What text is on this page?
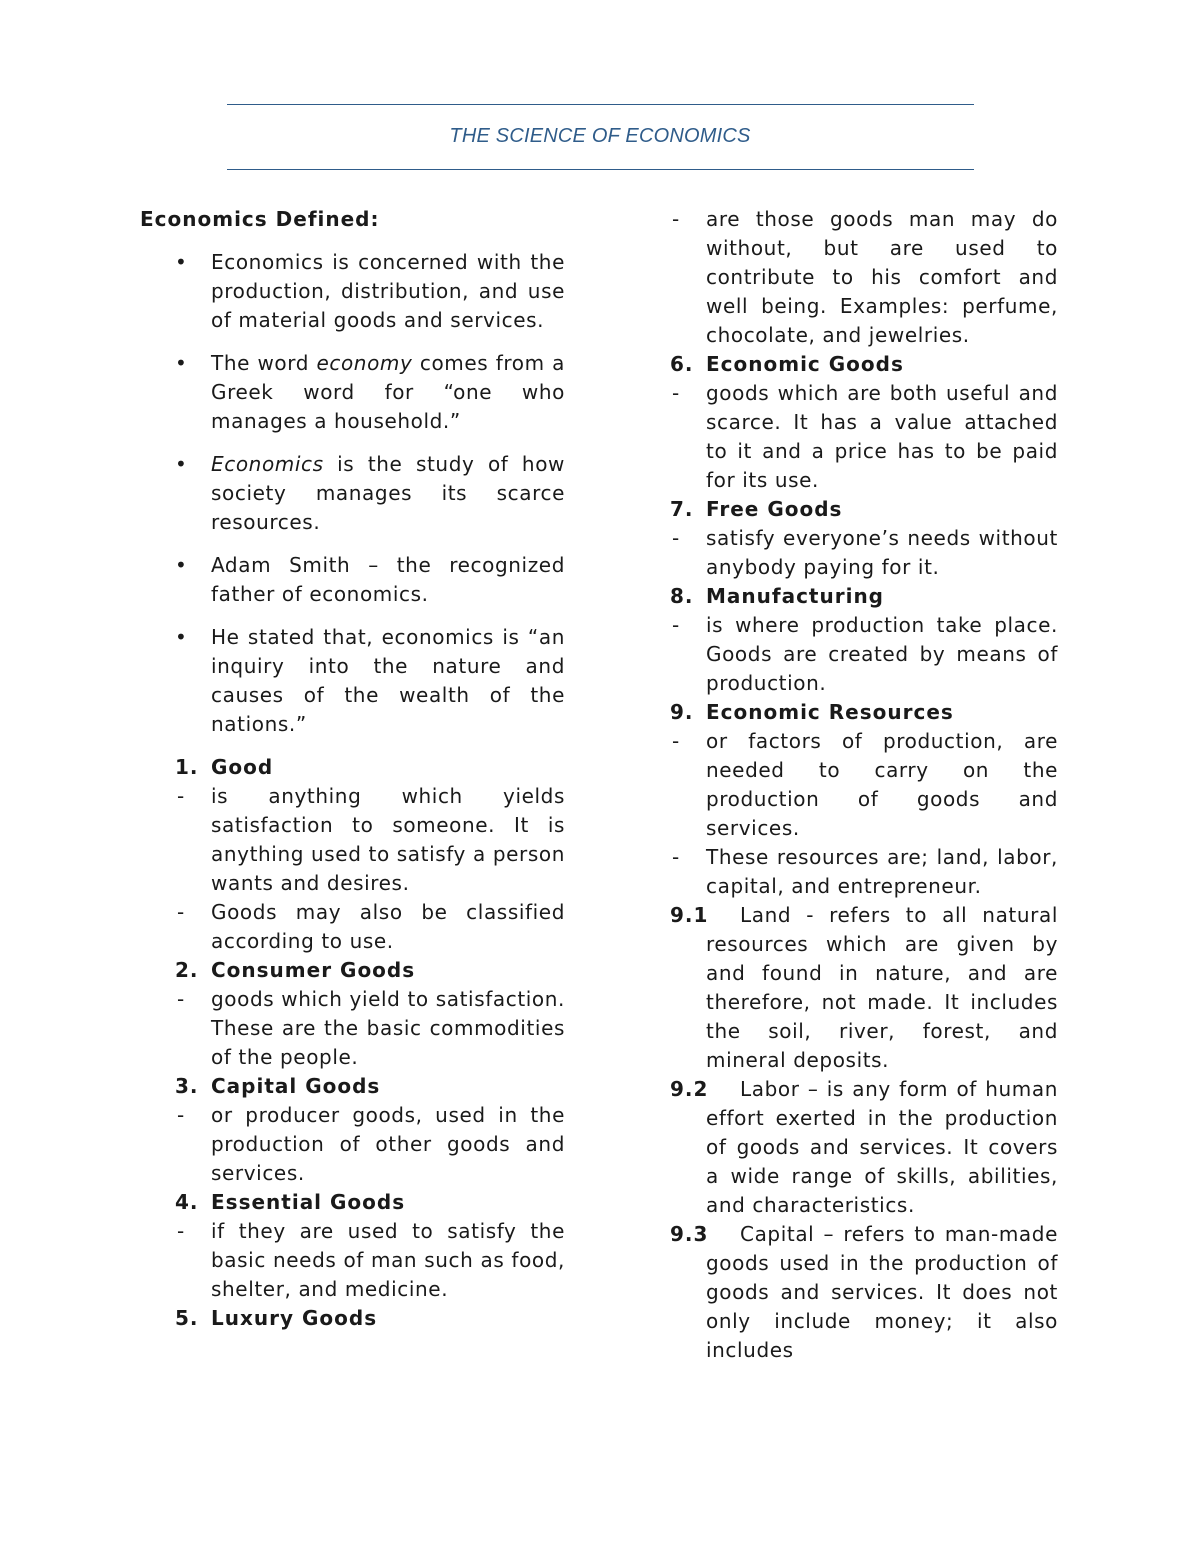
THE SCIENCE OF ECONOMICS
Economics Defined:
•	Economics is concerned with the production, distribution, and use of material goods and services.
•	The word economy comes from a Greek word for “one who manages a household.”
•	Economics is the study of how society manages its scarce resources.
•	Adam Smith – the recognized father of economics.
•	He stated that, economics is “an inquiry into the nature and causes of the wealth of the nations.”
1. Good
-	is anything which yields satisfaction to someone. It is anything used to satisfy a person wants and desires.
-	Goods may also be classified according to use.
2. Consumer Goods
-	goods which yield to satisfaction. These are the basic commodities of the people.
3. Capital Goods
-	or producer goods, used in the production of other goods and services.
4. Essential Goods
-	if they are used to satisfy the basic needs of man such as food, shelter, and medicine.
5. Luxury Goods
-	are those goods man may do without, but are used to contribute to his comfort and well being. Examples: perfume, chocolate, and jewelries.
6. Economic Goods
-	goods which are both useful and scarce. It has a value attached to it and a price has to be paid for its use.
7. Free Goods
-	satisfy everyone’s needs without anybody paying for it.
8. Manufacturing
-	is where production take place. Goods are created by means of production.
9. Economic Resources
-	or factors of production, are needed to carry on the production of goods and services.
-	These resources are; land, labor, capital, and entrepreneur.
9.1	Land - refers to all natural resources which are given by and found in nature, and are therefore, not made. It includes the soil, river, forest, and mineral deposits.
9.2	Labor – is any form of human effort exerted in the production of goods and services. It covers a wide range of skills, abilities, and characteristics.
9.3	Capital – refers to man-made goods used in the production of goods and services. It does not only include money; it also includes
